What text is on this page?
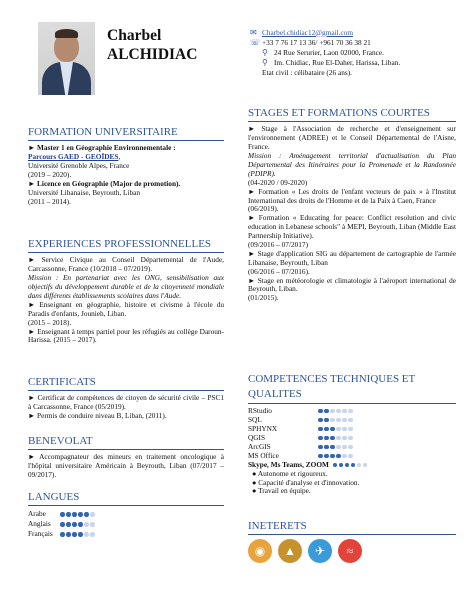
Charbel
ALCHIDIAC
FORMATION UNIVERSITAIRE

► Master 1 en Géographie Environnementale :

Parcours GAED - GEOÏDES,

Université Grenoble Alpes, France

(2019 – 2020).

► Licence en Géographie (Major de promotion).

Université Libanaise, Beyrouth, Liban

(2011 – 2014).

EXPERIENCES PROFESSIONNELLES

► Service Civique au Conseil Départemental de l'Aude, Carcassonne, France (10/2018 – 07/2019).

Mission : En partenariat avec les ONG, sensibilisation aux objectifs du développement durable et de la citoyenneté mondiale dans différents établissements scolaires dans l'Aude.

► Enseignant en géographie, histoire et civisme à l'école du Paradis d'enfants, Jounieh, Liban.

(2015 – 2018).

► Enseignant à temps partiel pour les réfugiés au collège Daroun-Harissa. (2015 – 2017).

CERTIFICATS

► Certificat de compétences de citoyen de sécurité civile – PSC1 à Carcassonne, France (05/2019).

► Permis de conduire niveau B, Liban, (2011).

BENEVOLAT

► Accompagnateur des mineurs en traitement oncologique à l'hôpital universitaire Américain à Beyrouth, Liban (07/2017 – 09/2017).

LANGUES
Arabe
Anglais
Français
✉ Charbel.chidiac12@gmail.com
☏ +33 7 76 17 13 36/ +961 70 36 38 21
⚲ 24 Rue Serurier, Laon 02000, France.
⚲ Im. Chidiac, Rue El-Daher, Harissa, Liban.
Etat civil : célibataire (26 ans).
STAGES ET FORMATIONS COURTES

► Stage à l'Association de recherche et d'enseignement sur l'environnement (ADREE) et le Conseil Départemental de l'Aisne, France.

Mission : Aménagement territorial d'actualisation du Plan Départemental des Itinéraires pour la Promenade et la Randonnée (PDIPR).

(04-2020 / 09-2020)

► Formation « Les droits de l'enfant vecteurs de paix » à l'Institut International des droits de l'Homme et de la Paix à Caen, France

(06/2019).

► Formation « Educating for peace: Conflict resolution and civic education in Lebanese schools" à MEPI, Beyrouth, Liban (Middle East Partnership Initiative).

(09/2016 – 07/2017)

► Stage d'application SIG au département de cartographie de l'armée Libanaise, Beyrouth, Liban

(06/2016 – 07/2016).

► Stage en météorologie et climatologie à l'aéroport international de Beyrouth, Liban.

(01/2015).

COMPETENCES TECHNIQUES ET QUALITES
RStudio
SQL
SPHYNX
QGIS
ArcGIS
MS Office
Skype, Ms Teams, ZOOM

● Autonome et rigoureux.

● Capacité d'analyse et d'innovation.

● Travail en équipe.

INETERETS
◉	▲	✈	≈
